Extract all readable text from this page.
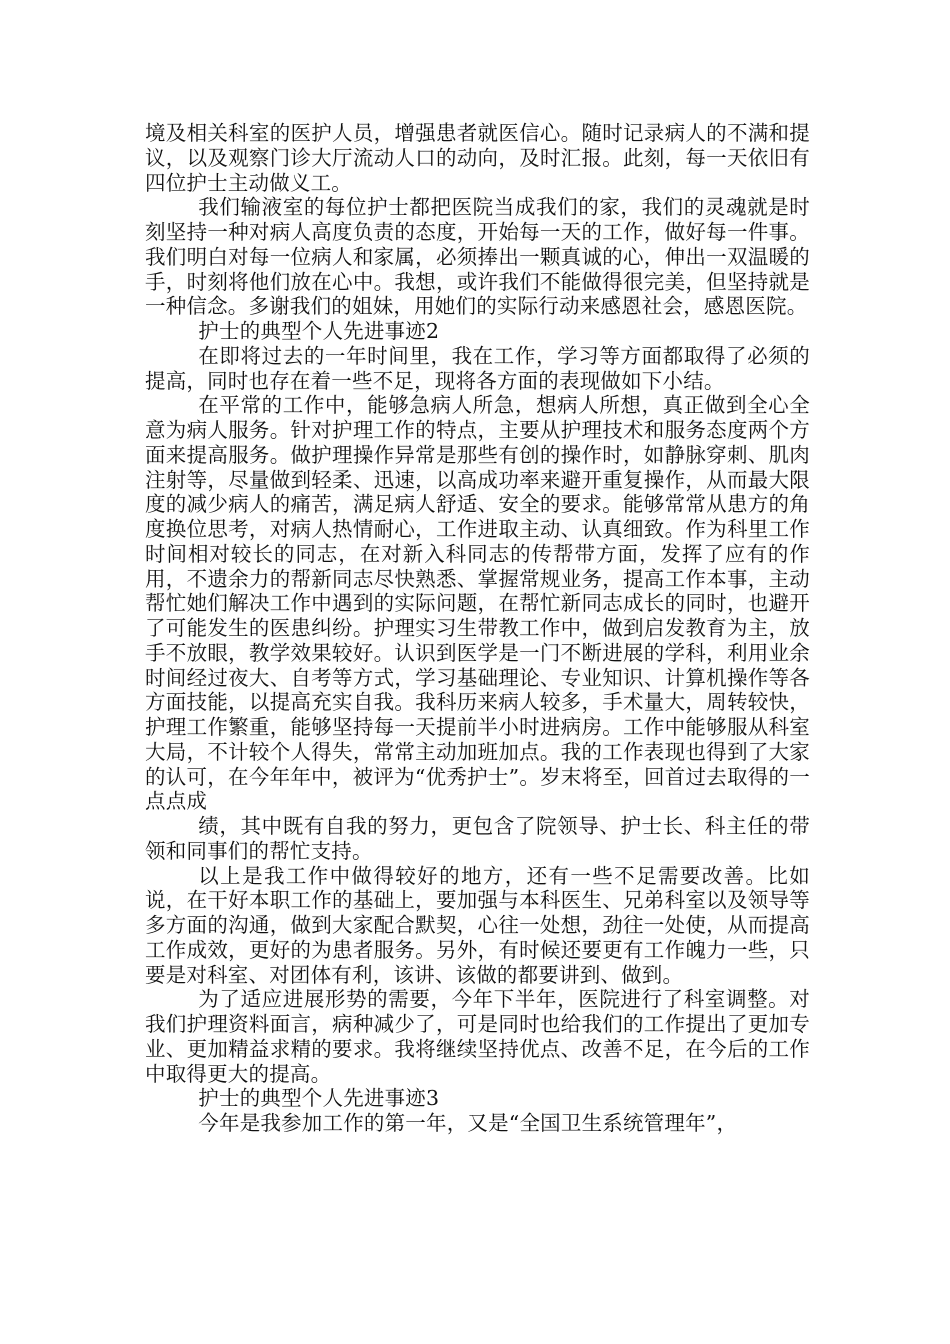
境及相关科室的医护人员，增强患者就医信心。随时记录病人的不满和提议，以及观察门诊大厅流动人口的动向，及时汇报。此刻，每一天依旧有四位护士主动做义工。

我们输液室的每位护士都把医院当成我们的家，我们的灵魂就是时刻坚持一种对病人高度负责的态度，开始每一天的工作，做好每一件事。我们明白对每一位病人和家属，必须捧出一颗真诚的心，伸出一双温暖的手，时刻将他们放在心中。我想，或许我们不能做得很完美，但坚持就是一种信念。多谢我们的姐妹，用她们的实际行动来感恩社会，感恩医院。

护士的典型个人先进事迹2

在即将过去的一年时间里，我在工作，学习等方面都取得了必须的提高，同时也存在着一些不足，现将各方面的表现做如下小结。

在平常的工作中，能够急病人所急，想病人所想，真正做到全心全意为病人服务。针对护理工作的特点，主要从护理技术和服务态度两个方面来提高服务。做护理操作异常是那些有创的操作时，如静脉穿刺、肌肉注射等，尽量做到轻柔、迅速，以高成功率来避开重复操作，从而最大限度的减少病人的痛苦，满足病人舒适、安全的要求。能够常常从患方的角度换位思考，对病人热情耐心，工作进取主动、认真细致。作为科里工作时间相对较长的同志，在对新入科同志的传帮带方面，发挥了应有的作用，不遗余力的帮新同志尽快熟悉、掌握常规业务，提高工作本事，主动帮忙她们解决工作中遇到的实际问题，在帮忙新同志成长的同时，也避开了可能发生的医患纠纷。护理实习生带教工作中，做到启发教育为主，放手不放眼，教学效果较好。认识到医学是一门不断进展的学科，利用业余时间经过夜大、自考等方式，学习基础理论、专业知识、计算机操作等各方面技能，以提高充实自我。我科历来病人较多，手术量大，周转较快，护理工作繁重，能够坚持每一天提前半小时进病房。工作中能够服从科室大局，不计较个人得失，常常主动加班加点。我的工作表现也得到了大家的认可，在今年年中，被评为“优秀护士”。岁末将至，回首过去取得的一点点成

绩，其中既有自我的努力，更包含了院领导、护士长、科主任的带领和同事们的帮忙支持。

以上是我工作中做得较好的地方，还有一些不足需要改善。比如说，在干好本职工作的基础上，要加强与本科医生、兄弟科室以及领导等多方面的沟通，做到大家配合默契，心往一处想，劲往一处使，从而提高工作成效，更好的为患者服务。另外，有时候还要更有工作魄力一些，只要是对科室、对团体有利，该讲、该做的都要讲到、做到。

为了适应进展形势的需要，今年下半年，医院进行了科室调整。对我们护理资料面言，病种减少了，可是同时也给我们的工作提出了更加专业、更加精益求精的要求。我将继续坚持优点、改善不足，在今后的工作中取得更大的提高。

护士的典型个人先进事迹3

今年是我参加工作的第一年，又是“全国卫生系统管理年”，
